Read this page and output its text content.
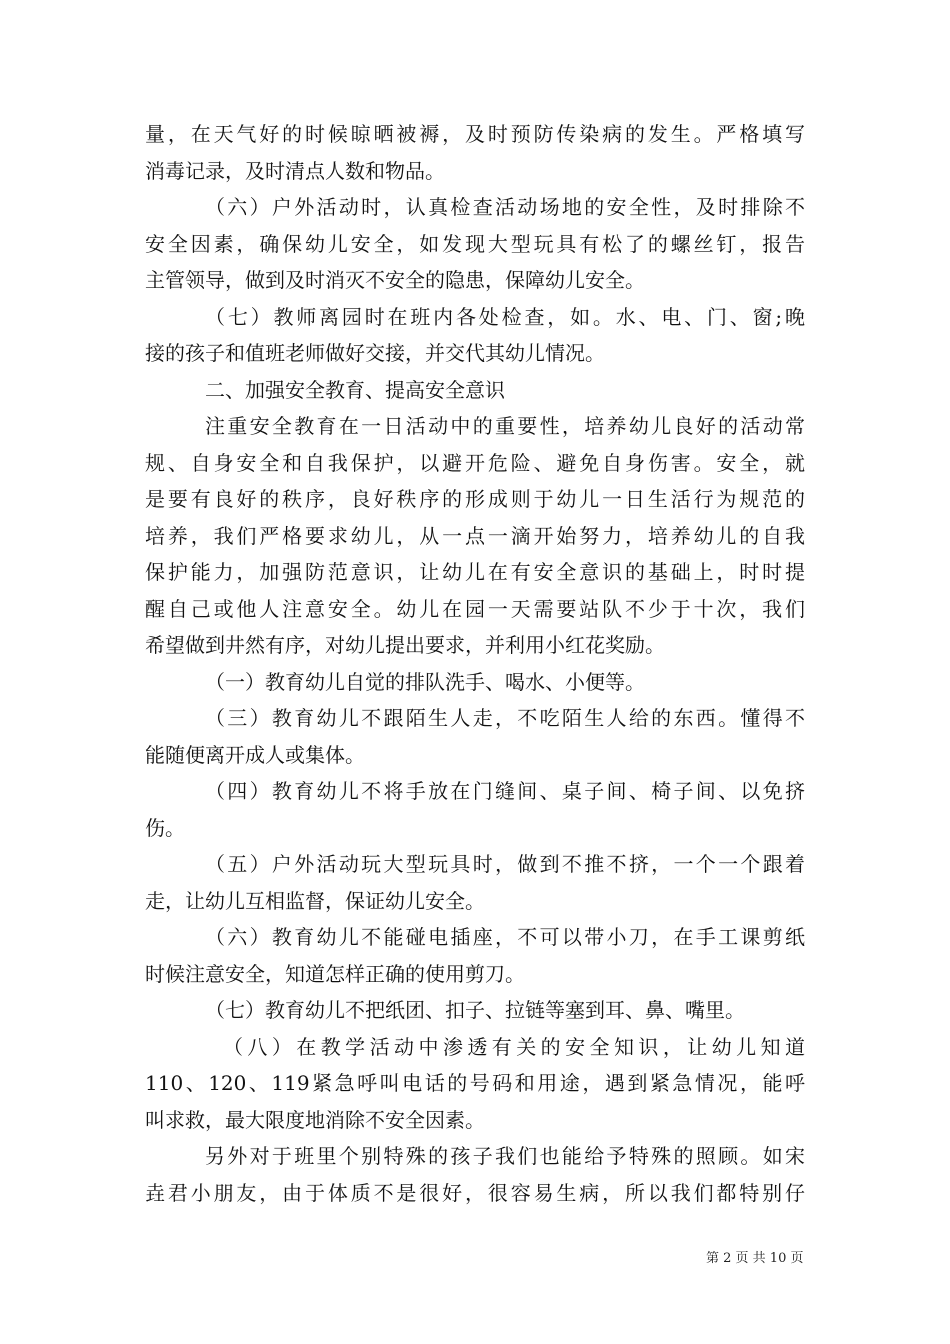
量，在天气好的时候晾晒被褥，及时预防传染病的发生。严格填写
消毒记录，及时清点人数和物品。
（六）户外活动时，认真检查活动场地的安全性，及时排除不
安全因素，确保幼儿安全，如发现大型玩具有松了的螺丝钉，报告
主管领导，做到及时消灭不安全的隐患，保障幼儿安全。
（七）教师离园时在班内各处检查，如。水、电、门、窗;晚
接的孩子和值班老师做好交接，并交代其幼儿情况。
二、加强安全教育、提高安全意识
注重安全教育在一日活动中的重要性，培养幼儿良好的活动常
规、自身安全和自我保护，以避开危险、避免自身伤害。安全，就
是要有良好的秩序，良好秩序的形成则于幼儿一日生活行为规范的
培养，我们严格要求幼儿，从一点一滴开始努力，培养幼儿的自我
保护能力，加强防范意识，让幼儿在有安全意识的基础上，时时提
醒自己或他人注意安全。幼儿在园一天需要站队不少于十次，我们
希望做到井然有序，对幼儿提出要求，并利用小红花奖励。
（一）教育幼儿自觉的排队洗手、喝水、小便等。
（三）教育幼儿不跟陌生人走，不吃陌生人给的东西。懂得不
能随便离开成人或集体。
（四）教育幼儿不将手放在门缝间、桌子间、椅子间、以免挤
伤。
（五）户外活动玩大型玩具时，做到不推不挤，一个一个跟着
走，让幼儿互相监督，保证幼儿安全。
（六）教育幼儿不能碰电插座，不可以带小刀，在手工课剪纸
时候注意安全，知道怎样正确的使用剪刀。
（七）教育幼儿不把纸团、扣子、拉链等塞到耳、鼻、嘴里。
（八）在教学活动中渗透有关的安全知识，让幼儿知道
110、120、119紧急呼叫电话的号码和用途，遇到紧急情况，能呼
叫求救，最大限度地消除不安全因素。
另外对于班里个别特殊的孩子我们也能给予特殊的照顾。如宋
垚君小朋友，由于体质不是很好，很容易生病，所以我们都特别仔
第 2 页 共 10 页
